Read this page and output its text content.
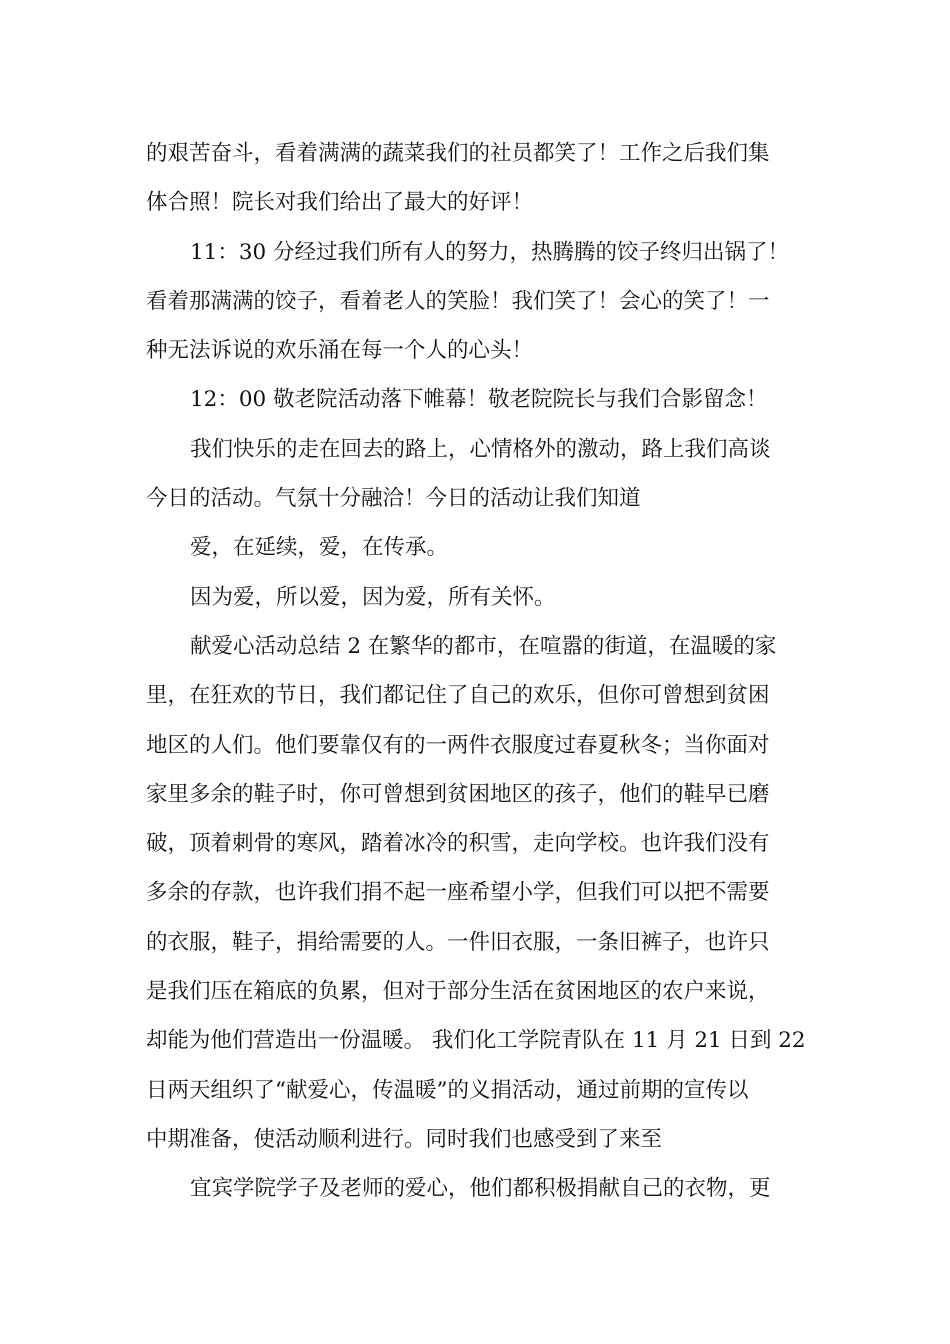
的艰苦奋斗，看着满满的蔬菜我们的社员都笑了！工作之后我们集
体合照！院长对我们给出了最大的好评！
11：30 分经过我们所有人的努力，热腾腾的饺子终归出锅了！
看着那满满的饺子，看着老人的笑脸！我们笑了！会心的笑了！一
种无法诉说的欢乐涌在每一个人的心头！
12：00 敬老院活动落下帷幕！敬老院院长与我们合影留念！
我们快乐的走在回去的路上，心情格外的激动，路上我们高谈
今日的活动。气氛十分融洽！今日的活动让我们知道
爱，在延续，爱，在传承。
因为爱，所以爱，因为爱，所有关怀。
献爱心活动总结 2 在繁华的都市，在喧嚣的街道，在温暖的家
里，在狂欢的节日，我们都记住了自己的欢乐，但你可曾想到贫困
地区的人们。他们要靠仅有的一两件衣服度过春夏秋冬；当你面对
家里多余的鞋子时，你可曾想到贫困地区的孩子，他们的鞋早已磨
破，顶着刺骨的寒风，踏着冰冷的积雪，走向学校。也许我们没有
多余的存款，也许我们捐不起一座希望小学，但我们可以把不需要
的衣服，鞋子，捐给需要的人。一件旧衣服，一条旧裤子，也许只
是我们压在箱底的负累，但对于部分生活在贫困地区的农户来说，
却能为他们营造出一份温暖。 我们化工学院青队在 11 月 21 日到 22
日两天组织了“献爱心，传温暖”的义捐活动，通过前期的宣传以
中期准备，使活动顺利进行。同时我们也感受到了来至
宜宾学院学子及老师的爱心，他们都积极捐献自己的衣物，更
